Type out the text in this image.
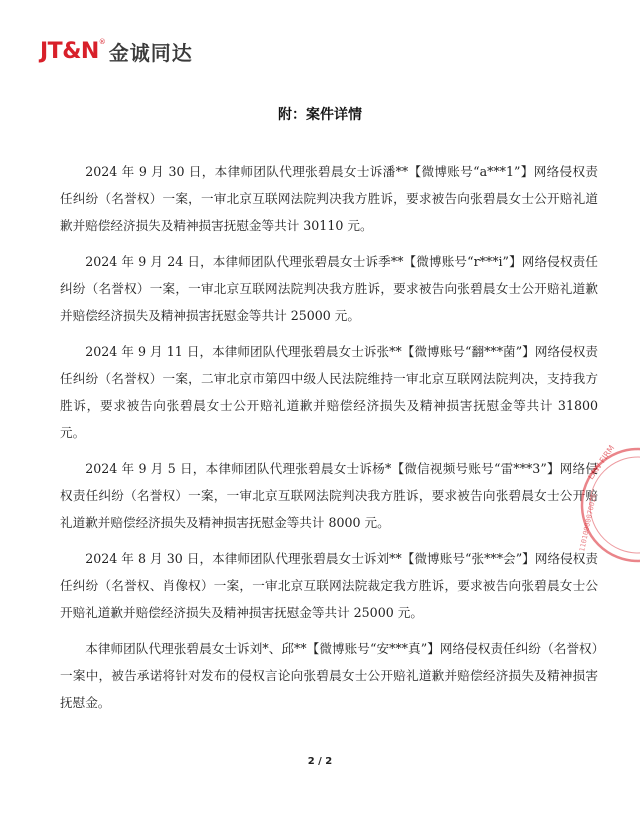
JT&N ® 金诚同达
附：案件详情

2024 年 9 月 30 日，本律师团队代理张碧晨女士诉潘**【微博账号“a***1”】网络侵权责任纠纷（名誉权）一案，一审北京互联网法院判决我方胜诉，要求被告向张碧晨女士公开赔礼道歉并赔偿经济损失及精神损害抚慰金等共计 30110 元。

2024 年 9 月 24 日，本律师团队代理张碧晨女士诉季**【微博账号“r***i”】网络侵权责任纠纷（名誉权）一案，一审北京互联网法院判决我方胜诉，要求被告向张碧晨女士公开赔礼道歉并赔偿经济损失及精神损害抚慰金等共计 25000 元。

2024 年 9 月 11 日，本律师团队代理张碧晨女士诉张**【微博账号“翻***菌”】网络侵权责任纠纷（名誉权）一案，二审北京市第四中级人民法院维持一审北京互联网法院判决，支持我方胜诉，要求被告向张碧晨女士公开赔礼道歉并赔偿经济损失及精神损害抚慰金等共计 31800 元。

2024 年 9 月 5 日，本律师团队代理张碧晨女士诉杨*【微信视频号账号“雷***3”】网络侵权责任纠纷（名誉权）一案，一审北京互联网法院判决我方胜诉，要求被告向张碧晨女士公开赔礼道歉并赔偿经济损失及精神损害抚慰金等共计 8000 元。

2024 年 8 月 30 日，本律师团队代理张碧晨女士诉刘**【微博账号“张***会”】网络侵权责任纠纷（名誉权、肖像权）一案，一审北京互联网法院裁定我方胜诉，要求被告向张碧晨女士公开赔礼道歉并赔偿经济损失及精神损害抚慰金等共计 25000 元。

本律师团队代理张碧晨女士诉刘*、邱**【微博账号“安***真”】网络侵权责任纠纷（名誉权）一案中，被告承诺将针对发布的侵权言论向张碧晨女士公开赔礼道歉并赔偿经济损失及精神损害抚慰金。

LAW FIRM
11010000070026
2 / 2
